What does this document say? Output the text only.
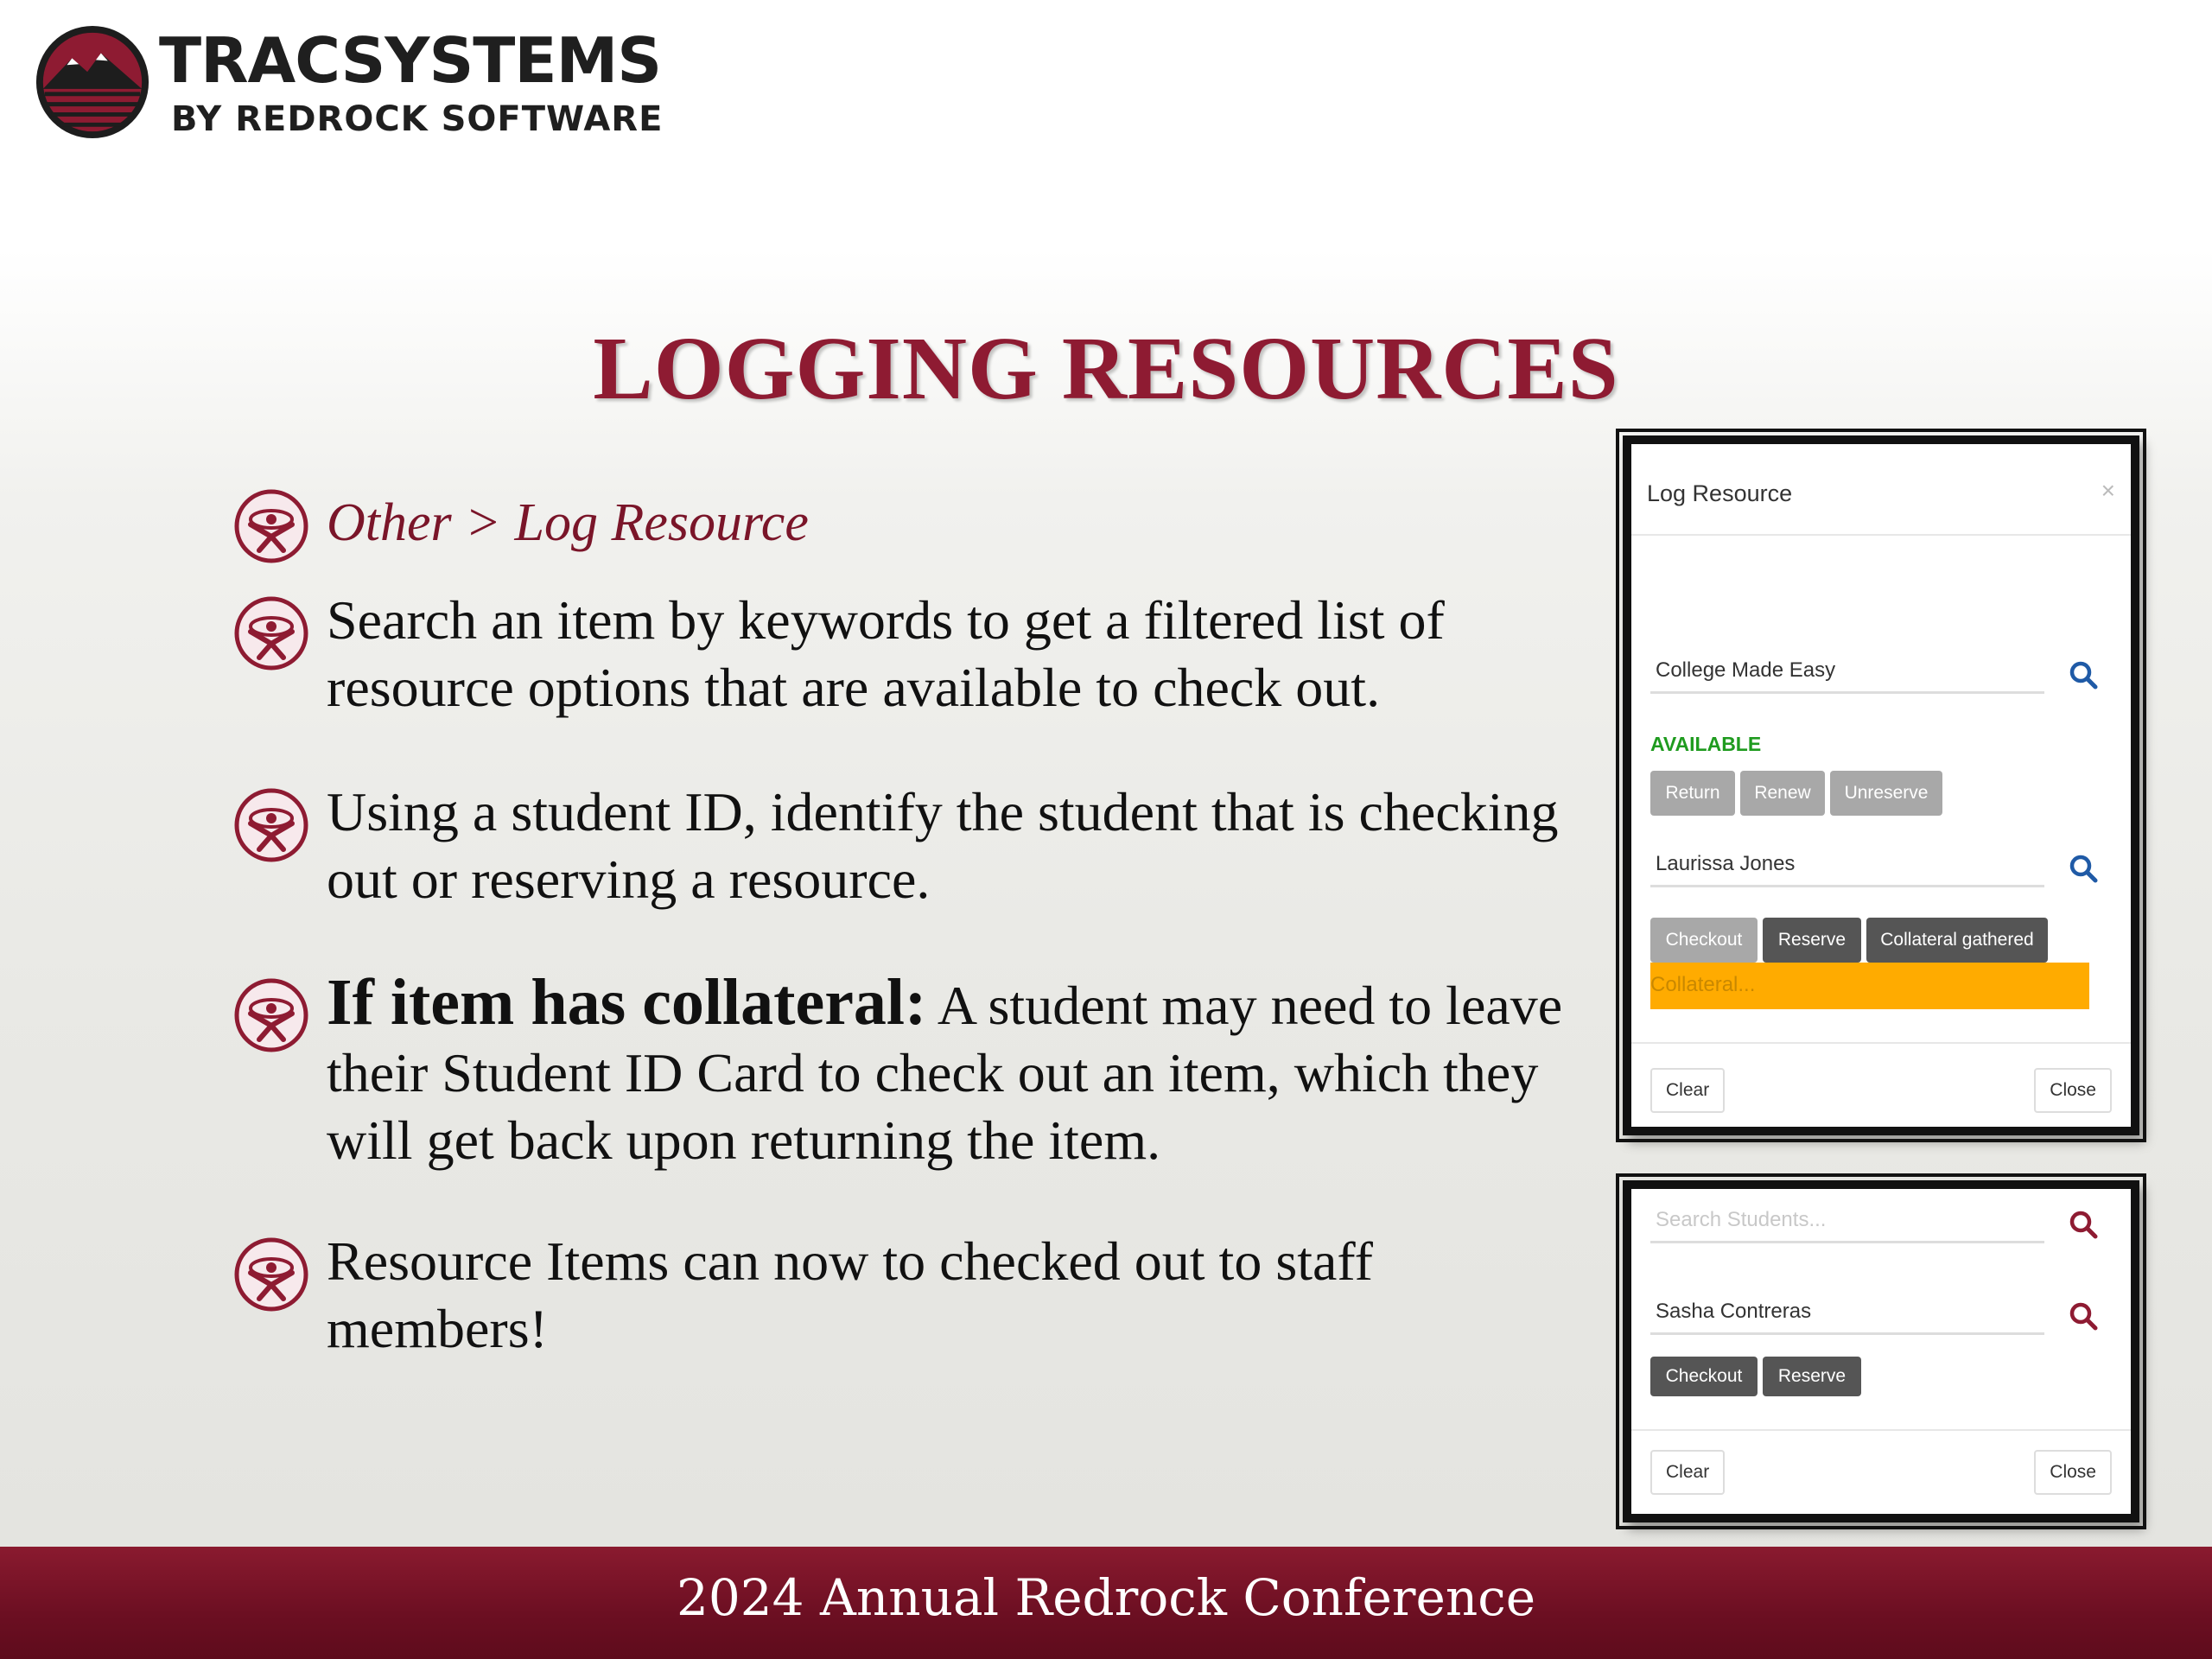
TRACSYSTEMS
BY REDROCK SOFTWARE
LOGGING RESOURCES
Other > Log Resource
Search an item by keywords to get a filtered list of resource options that are available to check out.
Using a student ID, identify the student that is checking out or reserving a resource.
If item has collateral: A student may need to leave their Student ID Card to check out an item, which they will get back upon returning the item.
Resource Items can now to checked out to staff members!
Log Resource	×
College Made Easy
AVAILABLE
Return	Renew	Unreserve
Laurissa Jones
Checkout	Reserve	Collateral gathered
Collateral...
Clear	Close
Search Students...
Sasha Contreras
Checkout	Reserve
Clear	Close
2024 Annual Redrock Conference
